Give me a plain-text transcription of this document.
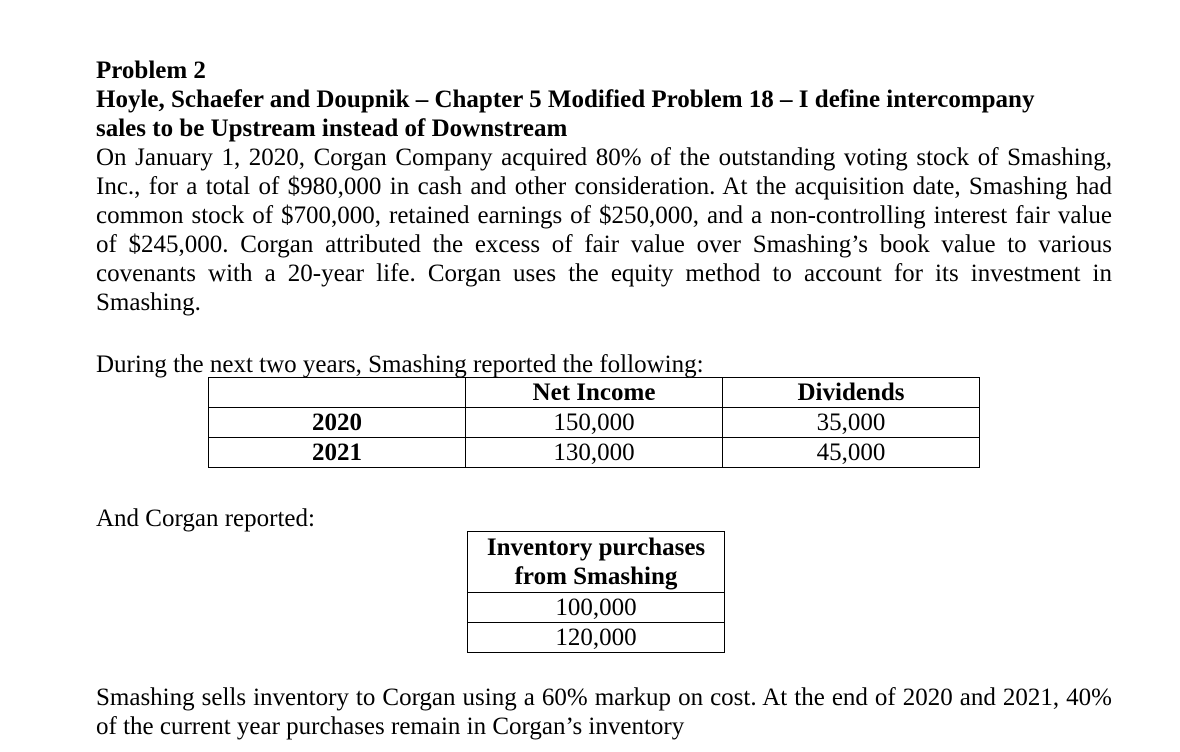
Problem 2
Hoyle, Schaefer and Doupnik – Chapter 5 Modified Problem 18 – I define intercompany
sales to be Upstream instead of Downstream
On January 1, 2020, Corgan Company acquired 80% of the outstanding voting stock of Smashing, Inc., for a total of $980,000 in cash and other consideration. At the acquisition date, Smashing had common stock of $700,000, retained earnings of $250,000, and a non-controlling interest fair value of $245,000. Corgan attributed the excess of fair value over Smashing’s book value to various covenants with a 20-year life. Corgan uses the equity method to account for its investment in Smashing.
During the next two years, Smashing reported the following:
	Net Income	Dividends
2020	150,000	35,000
2021	130,000	45,000
And Corgan reported:
Inventory purchases
from Smashing

100,000
120,000
Smashing sells inventory to Corgan using a 60% markup on cost. At the end of 2020 and 2021, 40% of the current year purchases remain in Corgan’s inventory
